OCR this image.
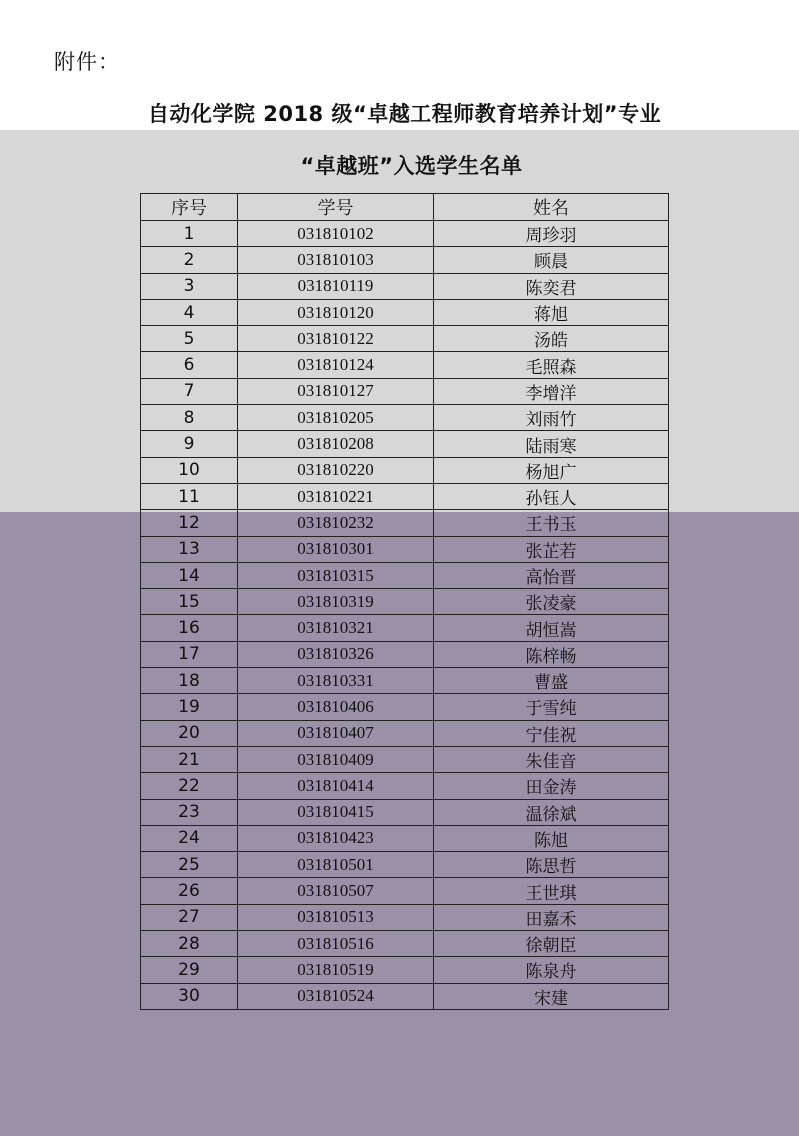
附件：
自动化学院 2018 级“卓越工程师教育培养计划”专业
“卓越班”入选学生名单
序号	学号	姓名
1	031810102	周珍羽
2	031810103	顾晨
3	031810119	陈奕君
4	031810120	蒋旭
5	031810122	汤皓
6	031810124	毛照森
7	031810127	李增洋
8	031810205	刘雨竹
9	031810208	陆雨寒
10	031810220	杨旭广
11	031810221	孙钰人
12	031810232	王书玉
13	031810301	张芷若
14	031810315	高怡晋
15	031810319	张凌豪
16	031810321	胡恒嵩
17	031810326	陈梓畅
18	031810331	曹盛
19	031810406	于雪纯
20	031810407	宁佳祝
21	031810409	朱佳音
22	031810414	田金涛
23	031810415	温徐斌
24	031810423	陈旭
25	031810501	陈思哲
26	031810507	王世琪
27	031810513	田嘉禾
28	031810516	徐朝臣
29	031810519	陈泉舟
30	031810524	宋建
